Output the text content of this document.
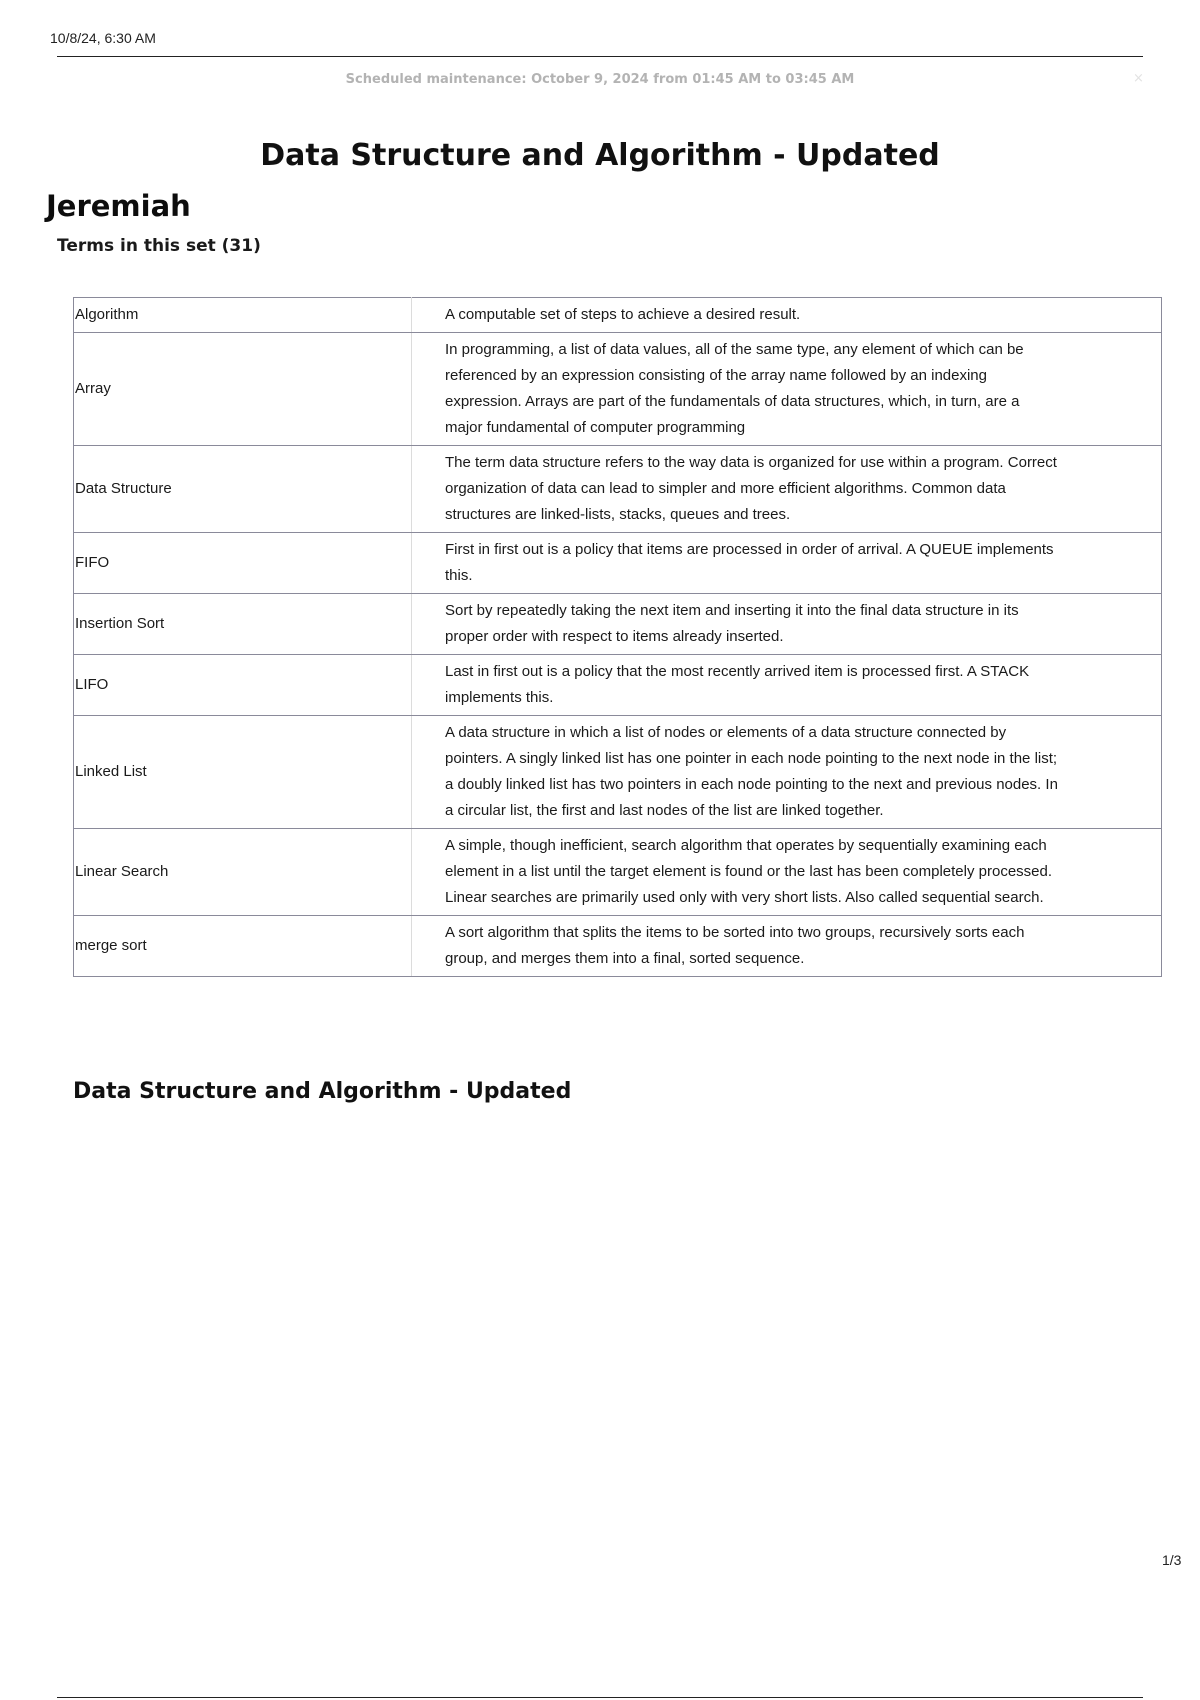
10/8/24, 6:30 AM
Scheduled maintenance: October 9, 2024 from 01:45 AM to 03:45 AM	×
Data Structure and Algorithm - Updated
Jeremiah
Terms in this set (31)
Algorithm	A computable set of steps to achieve a desired result.
Array	In programming, a list of data values, all of the same type, any element of which can be referenced by an expression consisting of the array name followed by an indexing expression. Arrays are part of the fundamentals of data structures, which, in turn, are a major fundamental of computer programming
Data Structure	The term data structure refers to the way data is organized for use within a program. Correct organization of data can lead to simpler and more efficient algorithms. Common data structures are linked-lists, stacks, queues and trees.
FIFO	First in first out is a policy that items are processed in order of arrival. A QUEUE implements this.
Insertion Sort	Sort by repeatedly taking the next item and inserting it into the final data structure in its proper order with respect to items already inserted.
LIFO	Last in first out is a policy that the most recently arrived item is processed first. A STACK implements this.
Linked List	A data structure in which a list of nodes or elements of a data structure connected by pointers. A singly linked list has one pointer in each node pointing to the next node in the list; a doubly linked list has two pointers in each node pointing to the next and previous nodes. In a circular list, the first and last nodes of the list are linked together.
Linear Search	A simple, though inefficient, search algorithm that operates by sequentially examining each element in a list until the target element is found or the last has been completely processed. Linear searches are primarily used only with very short lists. Also called sequential search.
merge sort	A sort algorithm that splits the items to be sorted into two groups, recursively sorts each group, and merges them into a final, sorted sequence.
Data Structure and Algorithm - Updated
1/3
